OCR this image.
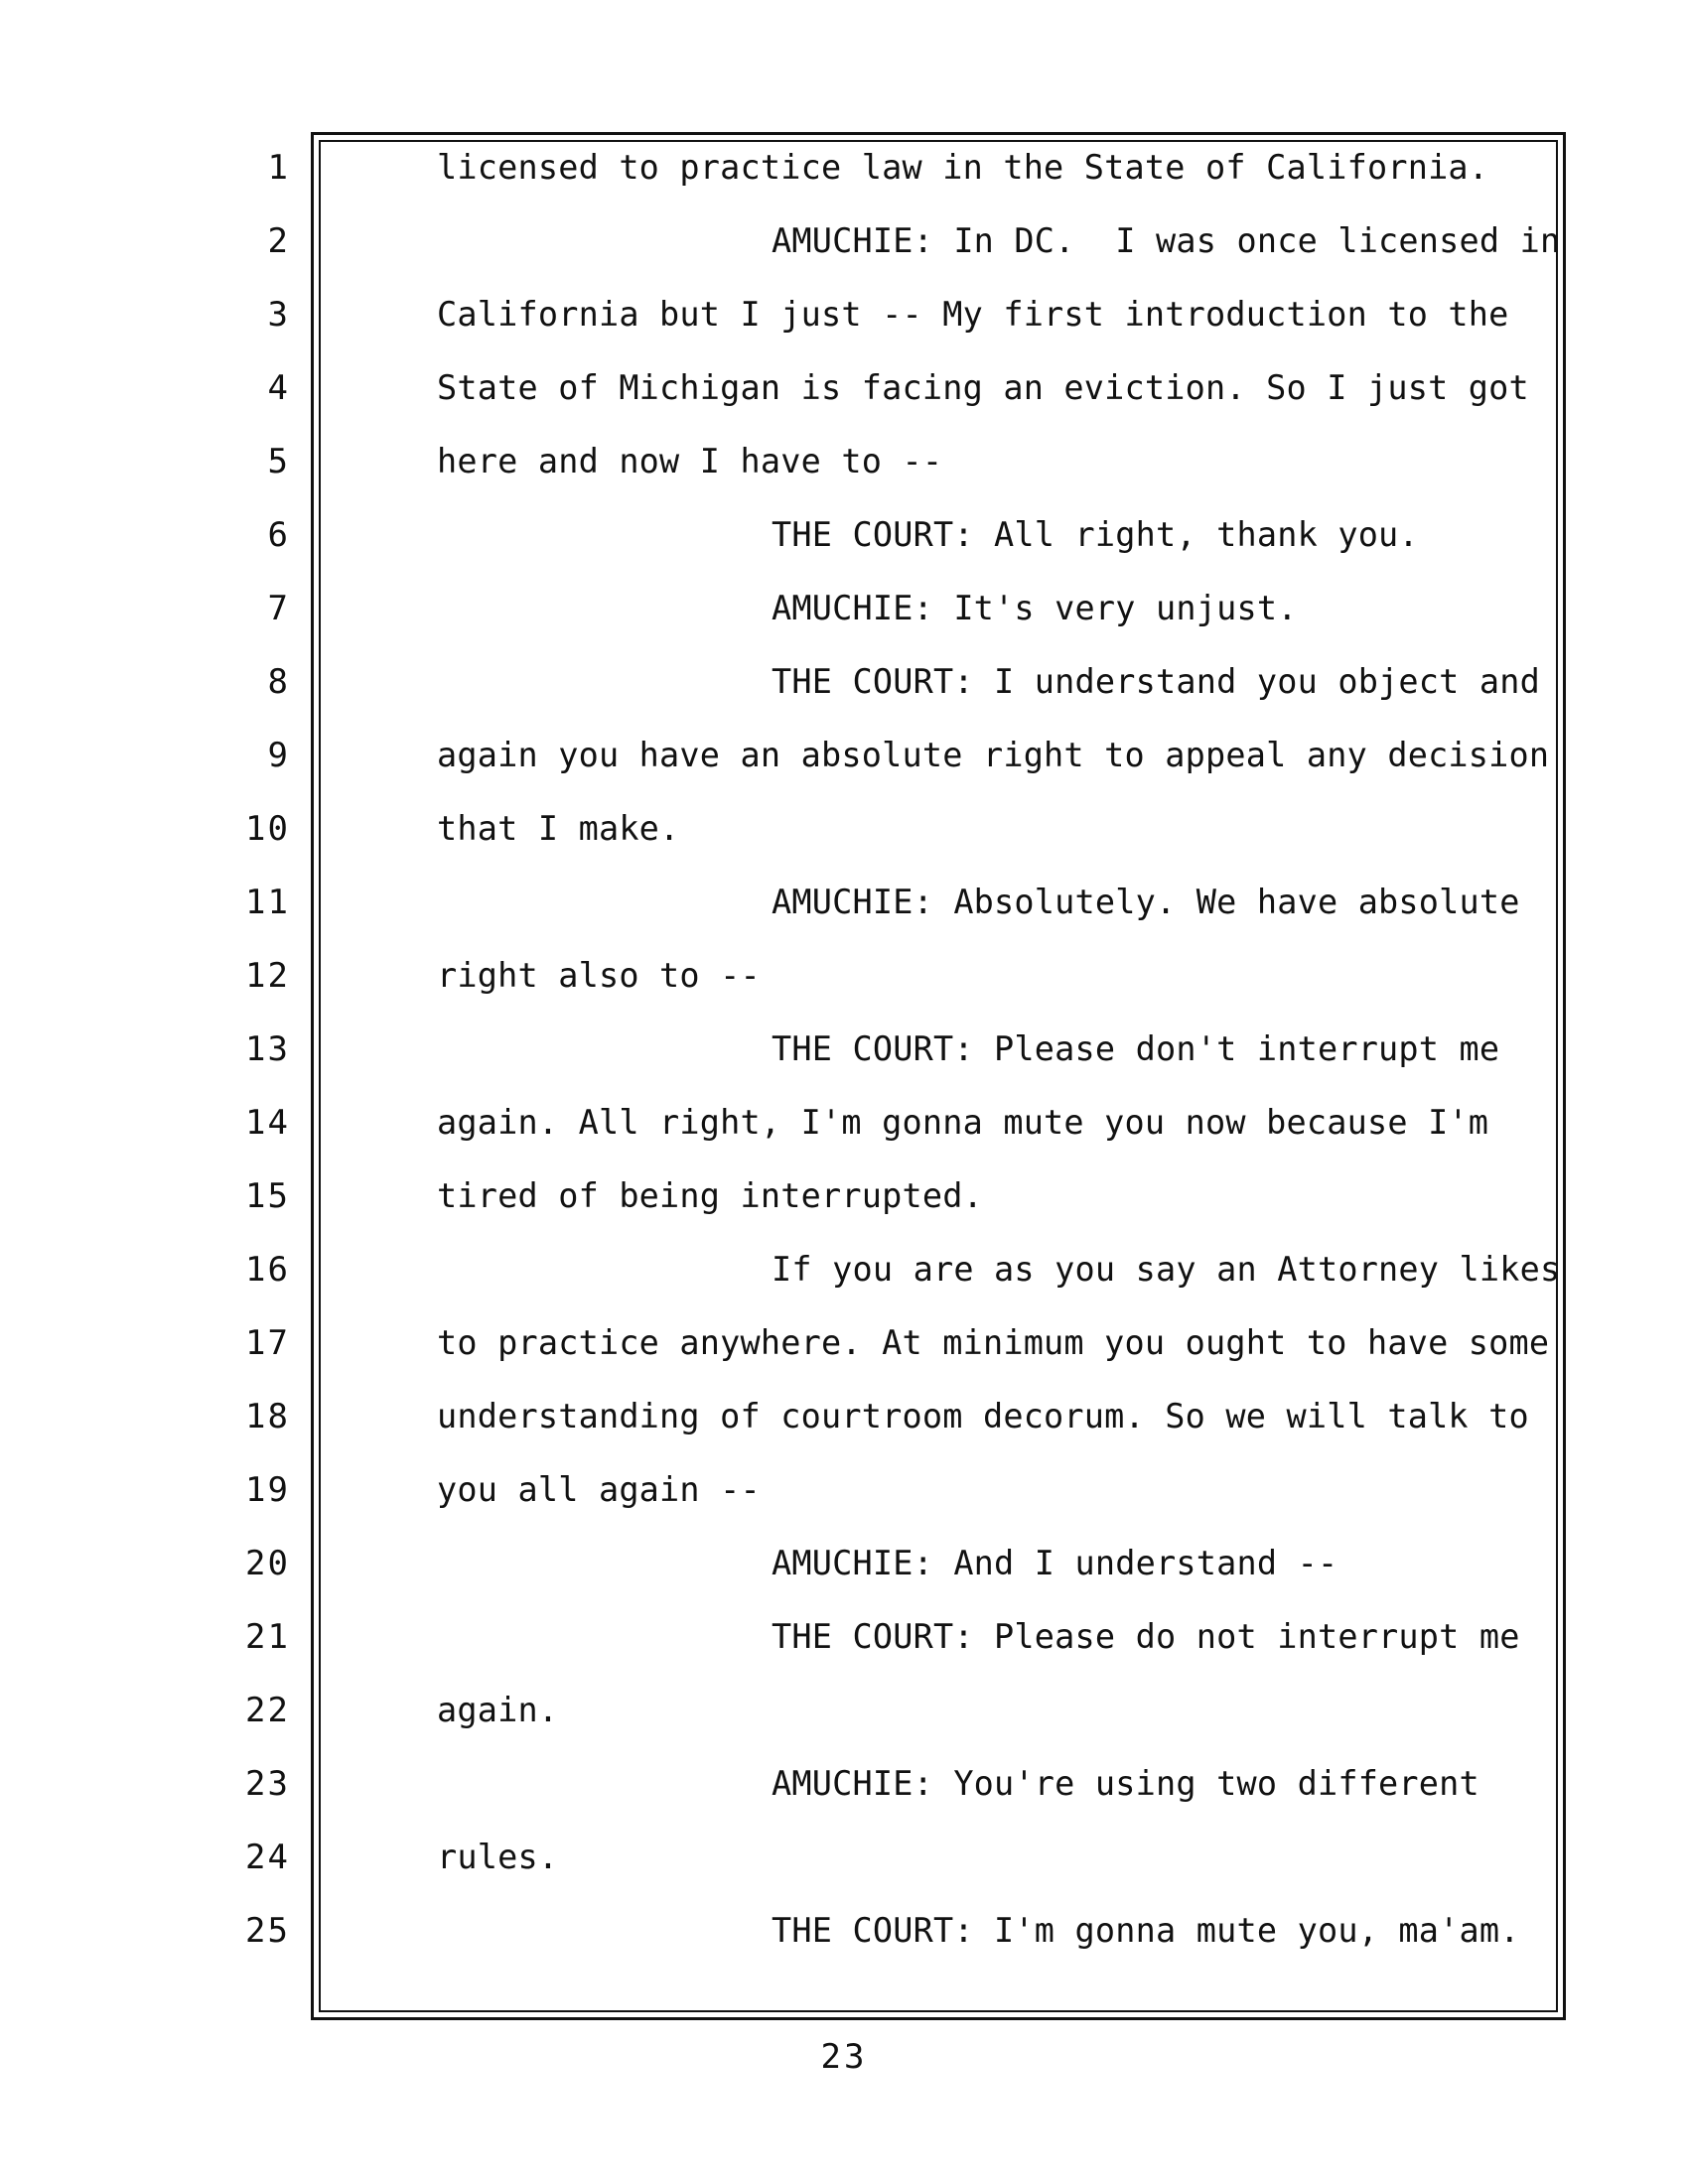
1
2
3
4
5
6
7
8
9
10
11
12
13
14
15
16
17
18
19
20
21
22
23
24
25
licensed to practice law in the State of California.
AMUCHIE: In DC.  I was once licensed in
California but I just -- My first introduction to the
State of Michigan is facing an eviction. So I just got
here and now I have to --
THE COURT: All right, thank you.
AMUCHIE: It's very unjust.
THE COURT: I understand you object and
again you have an absolute right to appeal any decision
that I make.
AMUCHIE: Absolutely. We have absolute
right also to --
THE COURT: Please don't interrupt me
again. All right, I'm gonna mute you now because I'm
tired of being interrupted.
If you are as you say an Attorney likes
to practice anywhere. At minimum you ought to have some
understanding of courtroom decorum. So we will talk to
you all again --
AMUCHIE: And I understand --
THE COURT: Please do not interrupt me
again.
AMUCHIE: You're using two different
rules.
THE COURT: I'm gonna mute you, ma'am.
23
